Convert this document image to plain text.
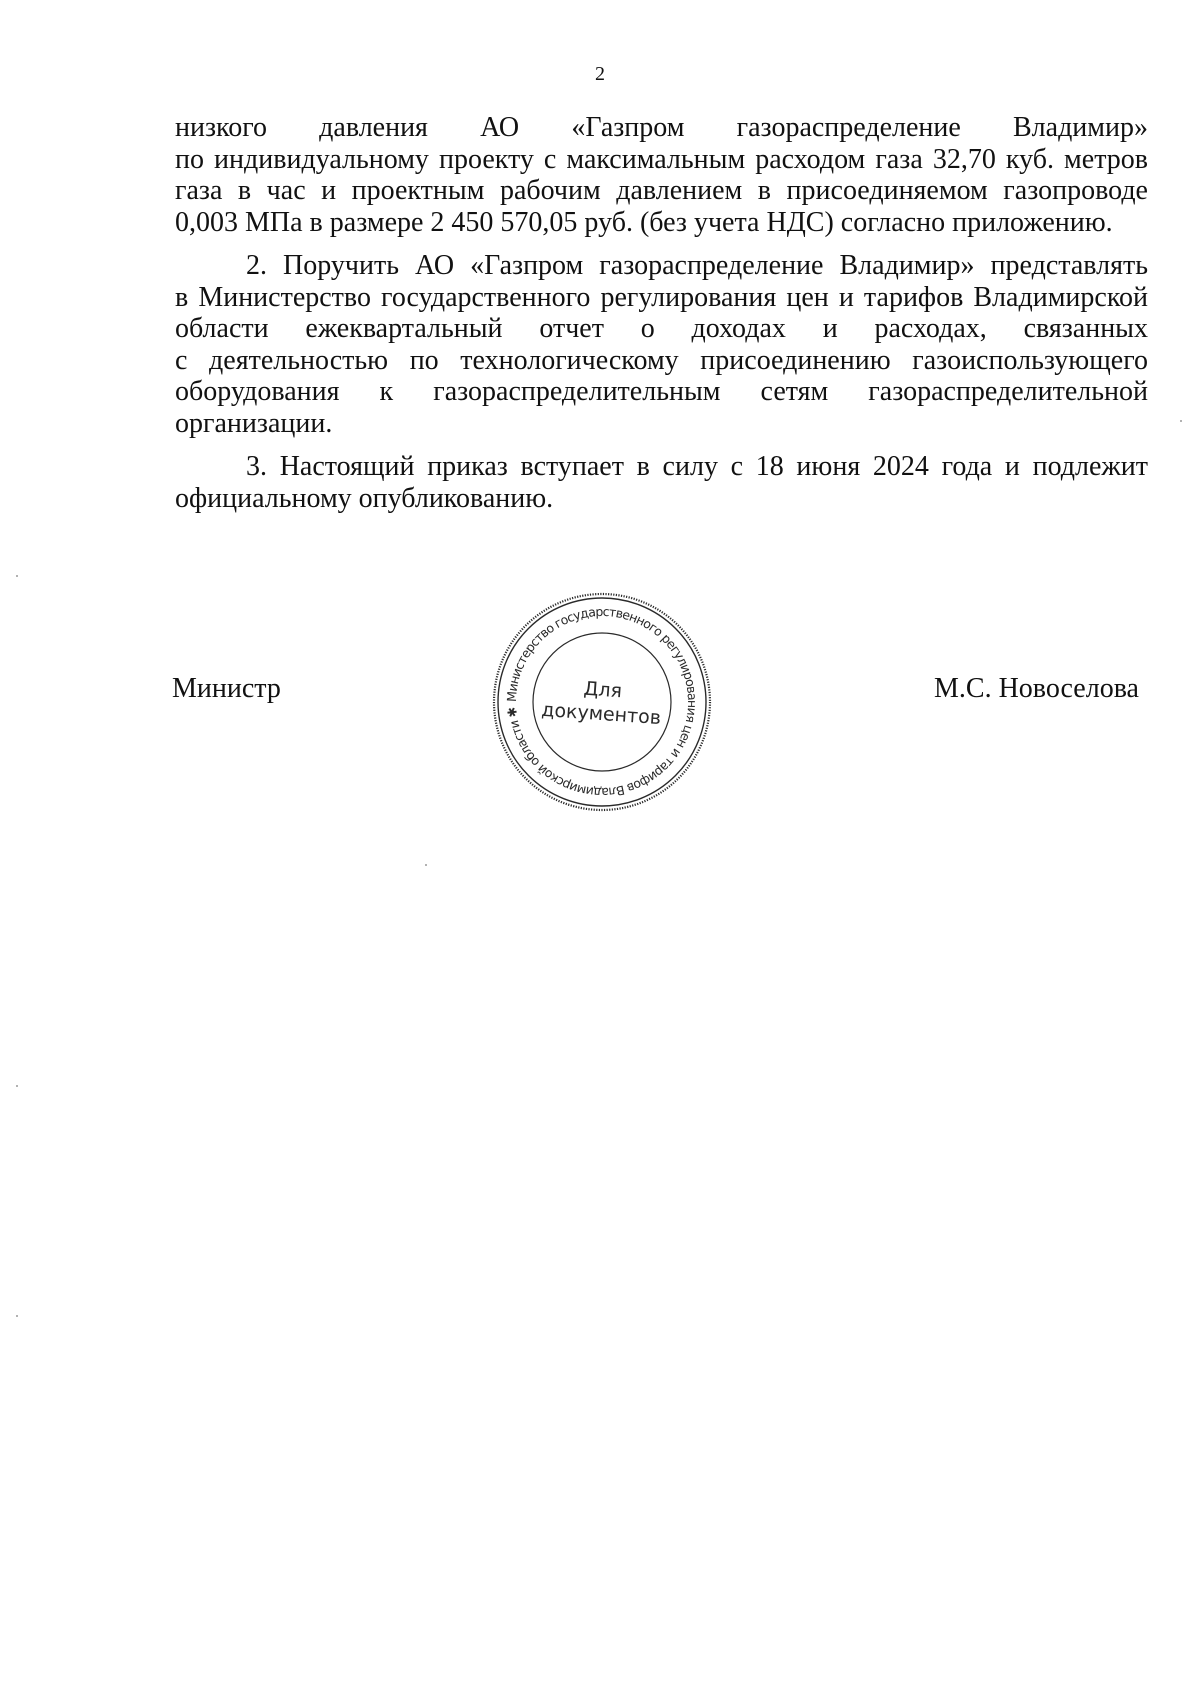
2

низкого давления АО «Газпром газораспределение Владимир»
по индивидуальному проекту с максимальным расходом газа 32,70 куб. метров
газа в час и проектным рабочим давлением в присоединяемом газопроводе
0,003 МПа в размере 2 450 570,05 руб. (без учета НДС) согласно приложению.

2. Поручить АО «Газпром газораспределение Владимир» представлять
в Министерство государственного регулирования цен и тарифов Владимирской
области ежеквартальный отчет о доходах и расходах, связанных
с деятельностью по технологическому присоединению газоиспользующего
оборудования к газораспределительным сетям газораспределительной
организации.

3. Настоящий приказ вступает в силу с 18 июня 2024 года и подлежит
официальному опубликованию.

Министр	Министерство государственного регулирования цен и тарифов Владимирской области ✱
Для
документов
М.С. Новоселова
